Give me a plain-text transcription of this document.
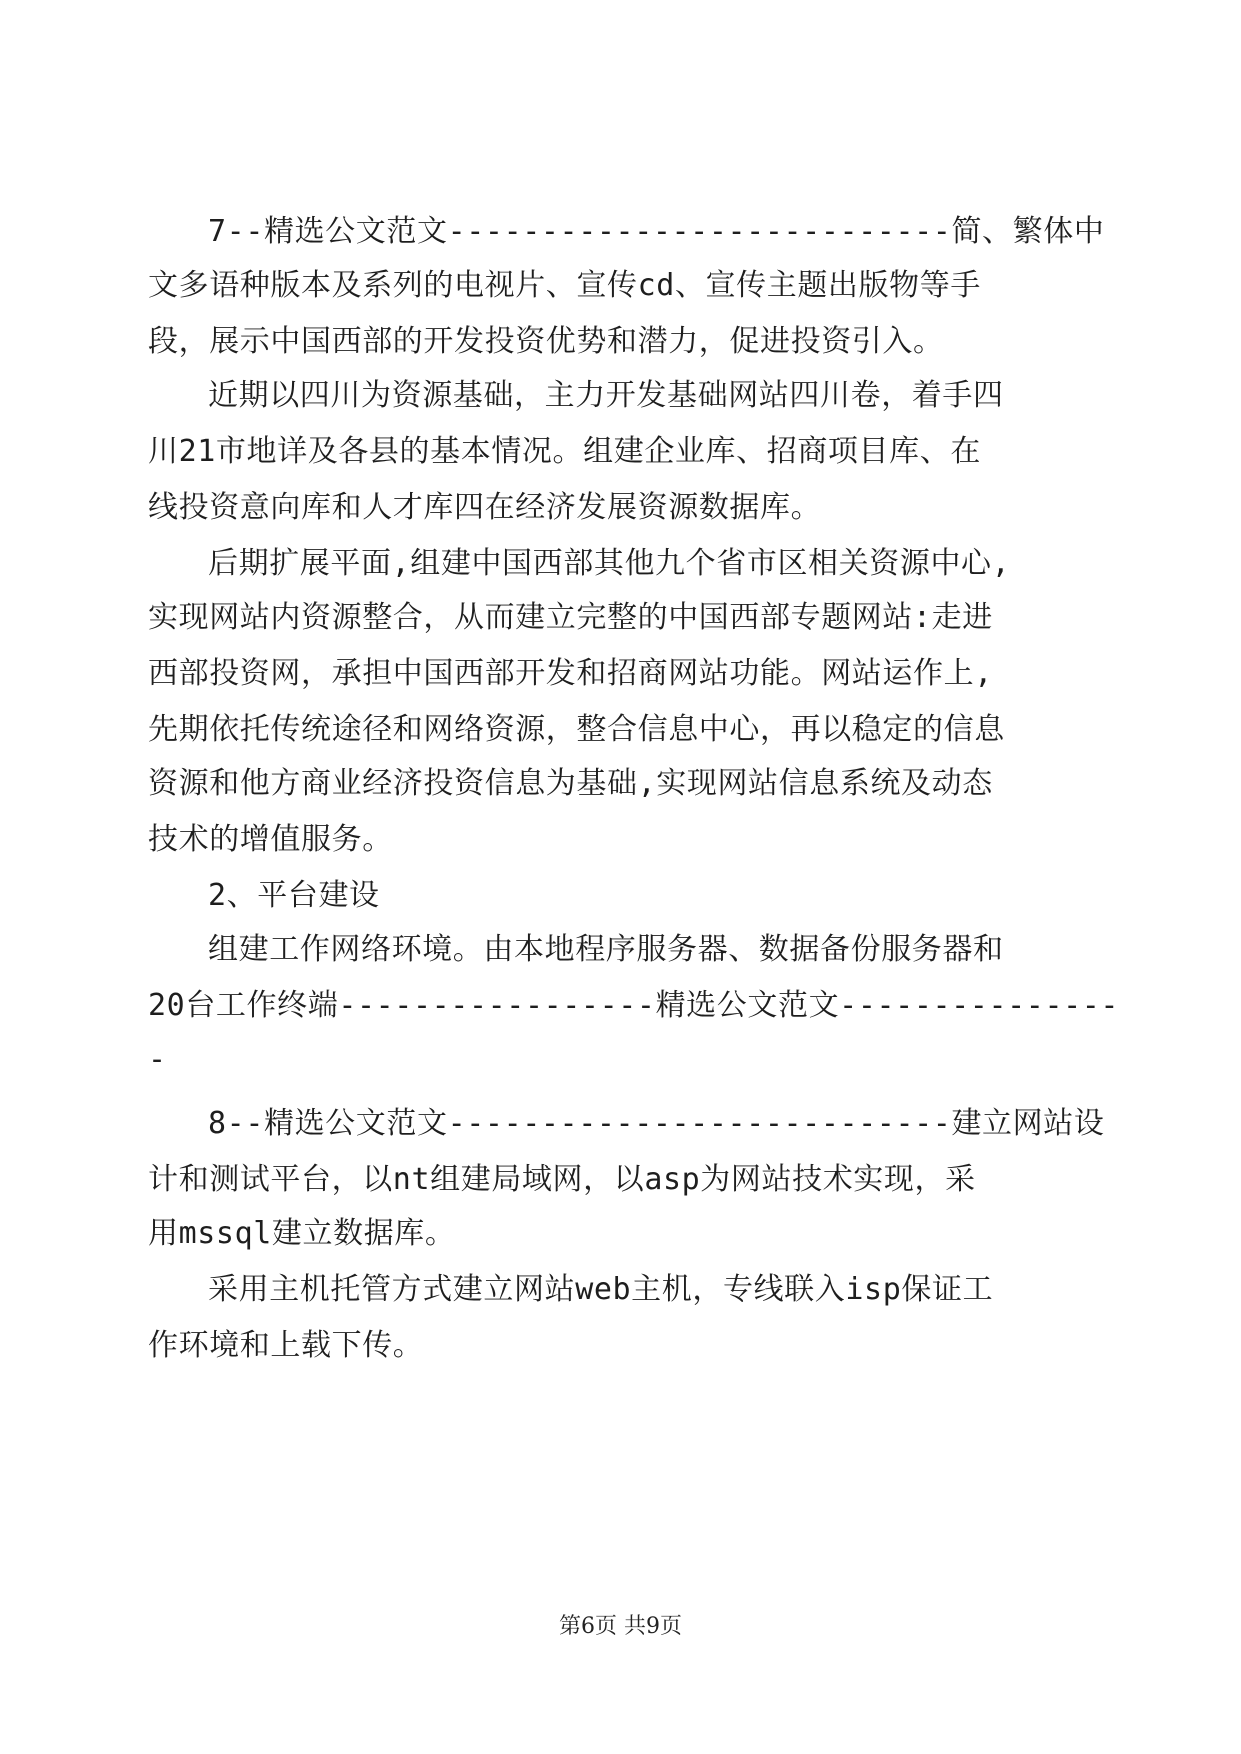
7--精选公文范文---------------------------简、繁体中
文多语种版本及系列的电视片、宣传cd、宣传主题出版物等手
段，展示中国西部的开发投资优势和潜力，促进投资引入。
近期以四川为资源基础，主力开发基础网站四川卷，着手四
川21市地详及各县的基本情况。组建企业库、招商项目库、在
线投资意向库和人才库四在经济发展资源数据库。
后期扩展平面,组建中国西部其他九个省市区相关资源中心,
实现网站内资源整合，从而建立完整的中国西部专题网站:走进
西部投资网，承担中国西部开发和招商网站功能。网站运作上,
先期依托传统途径和网络资源，整合信息中心，再以稳定的信息
资源和他方商业经济投资信息为基础,实现网站信息系统及动态
技术的增值服务。
2、平台建设
组建工作网络环境。由本地程序服务器、数据备份服务器和
20台工作终端-----------------精选公文范文---------------
-
8--精选公文范文---------------------------建立网站设
计和测试平台，以nt组建局域网，以asp为网站技术实现，采
用mssql建立数据库。
采用主机托管方式建立网站web主机，专线联入isp保证工
作环境和上载下传。
第6页 共9页
